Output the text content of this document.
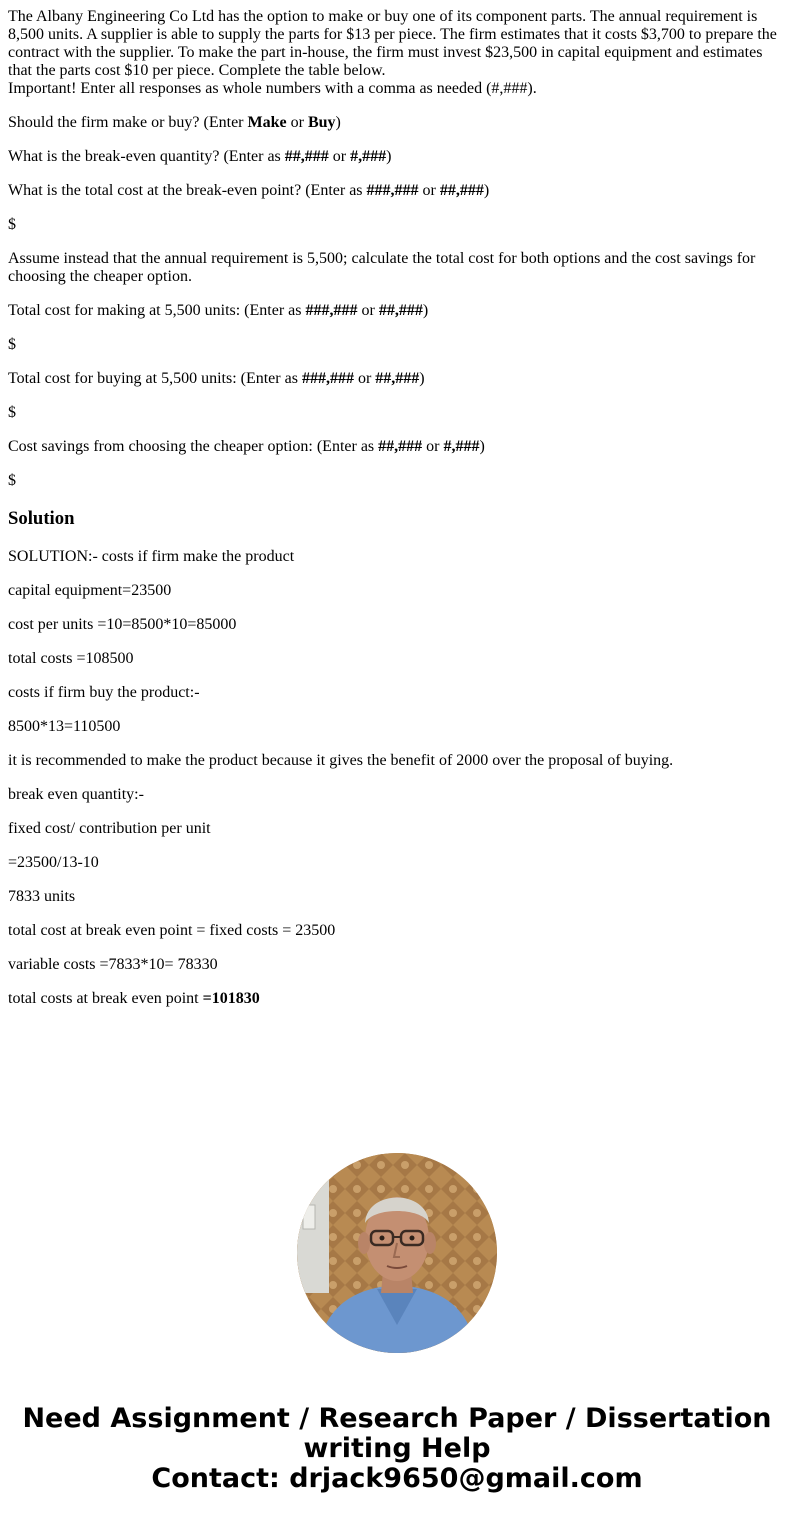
The Albany Engineering Co Ltd has the option to make or buy one of its component parts. The annual requirement is 8,500 units. A supplier is able to supply the parts for $13 per piece. The firm estimates that it costs $3,700 to prepare the contract with the supplier. To make the part in-house, the firm must invest $23,500 in capital equipment and estimates that the parts cost $10 per piece. Complete the table below.
Important! Enter all responses as whole numbers with a comma as needed (#,###).

Should the firm make or buy? (Enter Make or Buy)

What is the break-even quantity? (Enter as ##,### or #,###)

What is the total cost at the break-even point? (Enter as ###,### or ##,###)

$

Assume instead that the annual requirement is 5,500; calculate the total cost for both options and the cost savings for choosing the cheaper option.

Total cost for making at 5,500 units: (Enter as ###,### or ##,###)

$

Total cost for buying at 5,500 units: (Enter as ###,### or ##,###)

$

Cost savings from choosing the cheaper option: (Enter as ##,### or #,###)

$

Solution

SOLUTION:- costs if firm make the product

capital equipment=23500

cost per units =10=8500*10=85000

total costs =108500

costs if firm buy the product:-

8500*13=110500

it is recommended to make the product because it gives the benefit of 2000 over the proposal of buying.

break even quantity:-

fixed cost/ contribution per unit

=23500/13-10

7833 units

total cost at break even point = fixed costs = 23500

variable costs =7833*10= 78330

total costs at break even point =101830

Need Assignment / Research Paper / Dissertation
writing Help
Contact: drjack9650@gmail.com
